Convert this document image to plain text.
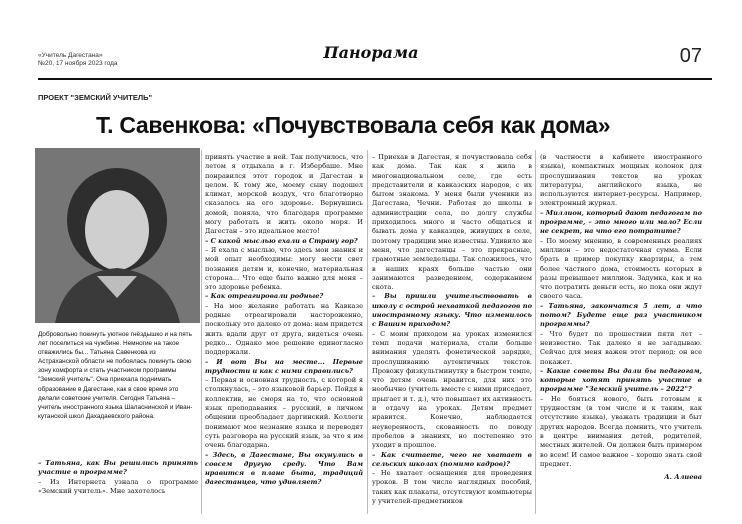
«Учитель Дагестана»
№20, 17 ноября 2023 года
Панорама	07
ПРОЕКТ "ЗЕМСКИЙ УЧИТЕЛЬ"
Т. Савенкова: «Почувствовала себя как дома»
Добровольно покинуть уютное гнёздышко и на пять лет поселиться на чужбине. Немногие на такое отважились бы... Татьяна Савенкова из Астраханской области не побоялась покинуть свою зону комфорта и стать участником программы "Земский учитель". Она приехала поднимать образование в Дагестане, как в свое время это делали советские учителя. Сегодня Татьяна – учитель иностранного языка Шаласнинской и Иван-кутанской школ Дахадаевского района.

– Татьяна, как Вы решились принять участие в программе?

– Из Интернета узнала о программе «Земский учитель». Мне захотелось

принять участие в ней. Так получилось, что летом я отдыхала в г. Избербаше. Мне понравился этот городок и Дагестан в целом. К тому же, моему сыну подошел климат, морской воздух, что благотворно сказалось на его здоровье. Вернувшись домой, поняла, что благодаря программе могу работать и жить около моря. И Дагестан – это идеальное место!

– С какой мыслью ехали в Страну гор?

– Я ехала с мыслью, что здесь мои знания и мой опыт необходимы: могу нести свет познания детям и, конечно, материальная сторона... Что еще было важно для меня – это здоровье ребенка.

– Как отреагировали родные?

– На мое желание работать на Кавказе родные отреагировали настороженно, поскольку это далеко от дома: нам придется жить вдали друг от друга, видеться очень редко... Однако мое решение единогласно поддержали.

– И вот Вы на месте... Первые трудности и как с ними справились?

– Первая и основная трудность, с которой я столкнулась, – это языковой барьер. Пойдя в коллектив, не сморя на то, что основной язык преподавания – русский, в личном общении преобладает даргинский. Коллеги понимают мое незнание языка и переводят суть разговора на русский язык, за что я им очень благодарна.

– Здесь, в Дагестане, Вы окунулись в совсем другую среду. Что Вам нравится в плане быта, традиций дагестанцев, что удивляет?

– Приехав в Дагестан, я почувствовала себя как дома. Так как я жила в многонациональном селе, где есть представители и кавказских народов, с их бытом знакома. У меня были ученики из Дагестана, Чечни. Работая до школы в администрации села, по долгу службы приходилось много и часто общаться и бывать дома у кавказцев, живущих в селе, поэтому традиции мне известны. Удивило же меня, что дагестанцы – это прекрасные, грамотные земледельцы. Так сложилось, что в наших краях больше частью они занимаются разведением, содержанием скота.

– Вы пришли учительствовать в школу с острой нехваткой педагогов по иностранному языку. Что изменилось с Вашим приходом?

– С моим приходом на уроках изменился темп подачи материала, стали больше внимания уделять фонетической зарядке, прослушиванию аутентичных текстов. Провожу физкультминутку в быстром темпе, что детям очень нравится, для них это необычно (учитель вместе с ними приседает, прыгает и т. д.), что повышает их активность и отдачу на уроках. Детям предмет нравится. Конечно, наблюдается неуверенность, скованность по поводу пробелов в знаниях, но постепенно это уходит в прошлое.

– Как считаете, чего не хватает в сельских школах (помимо кадров)?

– Не хватает оснащения для проведения уроков. В том числе наглядных пособий, таких как плакаты, отсутствуют компьютеры у учителей-предметников

(в частности в кабинете иностранного языка), компактных мощных колонок для прослушивания текстов на уроках литературы, английского языка, не используются интернет-ресурсы. Например, электронный журнал.

– Миллион, который дают педагогам по программе, – это много или мало? Если не секрет, на что его потратите?

– По моему мнению, в современных реалиях миллион – это недостаточная сумма. Если брать в пример покупку квартиры, а тем более частного дома, стоимость которых в разы превышает миллион. Задумка, как и на что потратить деньги есть, но пока они ждут своего часа.

– Татьяна, закончатся 5 лет, а что потом? Будете еще раз участником программы?

– Что будет по прошествии пяти лет – неизвестно. Так далеко я не загадываю. Сейчас для меня важен этот период: он все покажет.

– Какие советы Вы дали бы педагогам, которые хотят принять участие в программе "Земский учитель – 2022"?

– Не бояться нового, быть готовым к трудностям (в том числе и к таким, как отсутствие языка), уважать традиции и быт других народов. Всегда помнить, что учитель в центре внимания детей, родителей, местных жителей. Он должен быть примером во всем! И самое важное – хорошо знать свой предмет.

А. Алиева
